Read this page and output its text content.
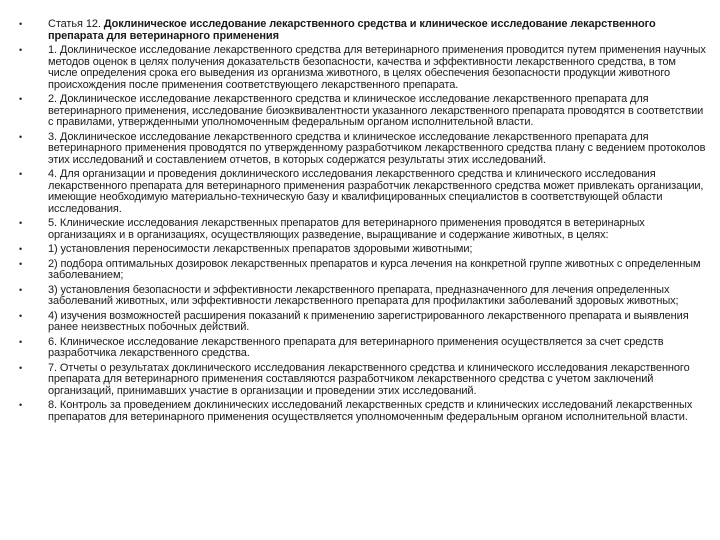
• Статья 12. Доклиническое исследование лекарственного средства и клиническое исследование лекарственного препарата для ветеринарного применения
• 1. Доклиническое исследование лекарственного средства для ветеринарного применения проводится путем применения научных методов оценок в целях получения доказательств безопасности, качества и эффективности лекарственного средства, в том числе определения срока его выведения из организма животного, в целях обеспечения безопасности продукции животного происхождения после применения соответствующего лекарственного препарата.
• 2. Доклиническое исследование лекарственного средства и клиническое исследование лекарственного препарата для ветеринарного применения, исследование биоэквивалентности указанного лекарственного препарата проводятся в соответствии с правилами, утвержденными уполномоченным федеральным органом исполнительной власти.
• 3. Доклиническое исследование лекарственного средства и клиническое исследование лекарственного препарата для ветеринарного применения проводятся по утвержденному разработчиком лекарственного средства плану с ведением протоколов этих исследований и составлением отчетов, в которых содержатся результаты этих исследований.
• 4. Для организации и проведения доклинического исследования лекарственного средства и клинического исследования лекарственного препарата для ветеринарного применения разработчик лекарственного средства может привлекать организации, имеющие необходимую материально-техническую базу и квалифицированных специалистов в соответствующей области исследования.
• 5. Клинические исследования лекарственных препаратов для ветеринарного применения проводятся в ветеринарных организациях и в организациях, осуществляющих разведение, выращивание и содержание животных, в целях:
• 1) установления переносимости лекарственных препаратов здоровыми животными;
• 2) подбора оптимальных дозировок лекарственных препаратов и курса лечения на конкретной группе животных с определенным заболеванием;
• 3) установления безопасности и эффективности лекарственного препарата, предназначенного для лечения определенных заболеваний животных, или эффективности лекарственного препарата для профилактики заболеваний здоровых животных;
• 4) изучения возможностей расширения показаний к применению зарегистрированного лекарственного препарата и выявления ранее неизвестных побочных действий.
• 6. Клиническое исследование лекарственного препарата для ветеринарного применения осуществляется за счет средств разработчика лекарственного средства.
• 7. Отчеты о результатах доклинического исследования лекарственного средства и клинического исследования лекарственного препарата для ветеринарного применения составляются разработчиком лекарственного средства с учетом заключений организаций, принимавших участие в организации и проведении этих исследований.
• 8. Контроль за проведением доклинических исследований лекарственных средств и клинических исследований лекарственных препаратов для ветеринарного применения осуществляется уполномоченным федеральным органом исполнительной власти.
